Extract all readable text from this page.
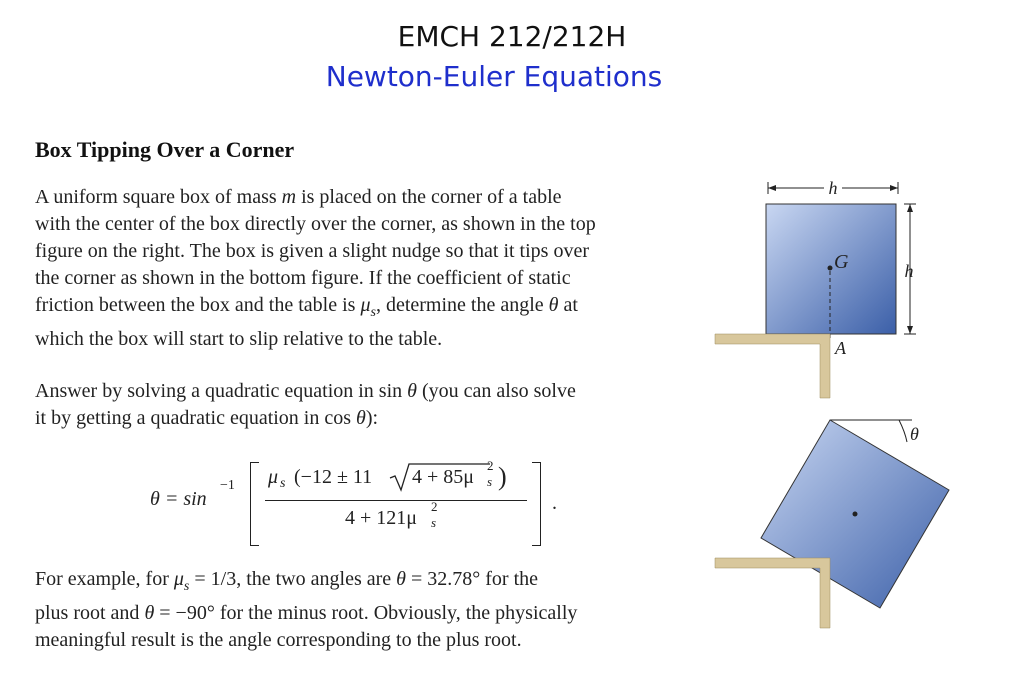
EMCH 212/212H
Newton-Euler Equations
Box Tipping Over a Corner
A uniform square box of mass m is placed on the corner of a table
with the center of the box directly over the corner, as shown in the top
figure on the right. The box is given a slight nudge so that it tips over
the corner as shown in the bottom figure. If the coefficient of static
friction between the box and the table is $\mu_s$, determine the angle θ at
which the box will start to slip relative to the table.
Answer by solving a quadratic equation in sin θ (you can also solve
it by getting a quadratic equation in cos θ):
θ = sin
−1 μ s (−12 ± 11 4 + 85μ
2
s )
4 + 121μ
2
s
.
For example, for $\mu_s = 1/3$, the two angles are θ = 32.78° for the
plus root and θ = −90° for the minus root. Obviously, the physically
meaningful result is the angle corresponding to the plus root.
h
h
G
A
θ
